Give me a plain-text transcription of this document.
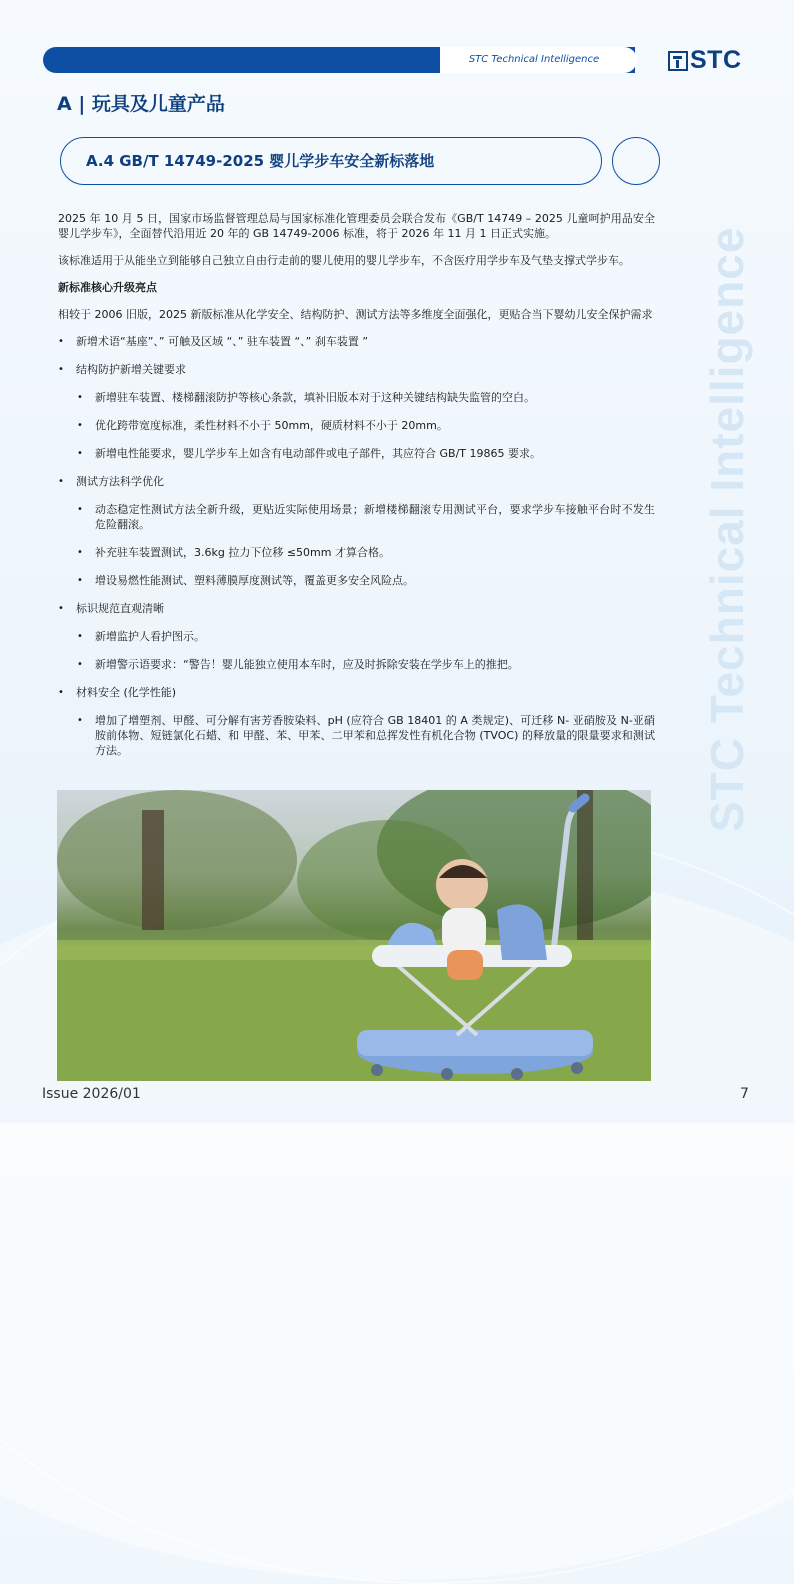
STC Technical Intelligence	STC
A | 玩具及儿童产品
A.4 GB/T 14749-2025 婴儿学步车安全新标落地
STC Technical Intelligence

2025 年 10 月 5 日，国家市场监督管理总局与国家标准化管理委员会联合发布《GB/T 14749 – 2025 儿童呵护用品安全 婴儿学步车》，全面替代沿用近 20 年的 GB 14749-2006 标准，将于 2026 年 11 月 1 日正式实施。

该标准适用于从能坐立到能够自己独立自由行走前的婴儿使用的婴儿学步车，不含医疗用学步车及气垫支撑式学步车。

新标准核心升级亮点

相较于 2006 旧版，2025 新版标准从化学安全、结构防护、测试方法等多维度全面强化，更贴合当下婴幼儿安全保护需求

• 新增术语“基座”、” 可触及区域 “、” 驻车装置 “、” 刹车装置 ”
• 结构防护新增关键要求
• 新增驻车装置、楼梯翻滚防护等核心条款，填补旧版本对于这种关键结构缺失监管的空白。
• 优化跨带宽度标准，柔性材料不小于 50mm，硬质材料不小于 20mm。
• 新增电性能要求，婴儿学步车上如含有电动部件或电子部件，其应符合 GB/T 19865 要求。
• 测试方法科学优化
• 动态稳定性测试方法全新升级，更贴近实际使用场景；新增楼梯翻滚专用测试平台，要求学步车接触平台时不发生危险翻滚。
• 补充驻车装置测试，3.6kg 拉力下位移 ≤50mm 才算合格。
• 增设易燃性能测试、塑料薄膜厚度测试等，覆盖更多安全风险点。
• 标识规范直观清晰
• 新增监护人看护图示。
• 新增警示语要求：“警告！婴儿能独立使用本车时，应及时拆除安装在学步车上的推把。
• 材料安全 (化学性能)
• 增加了增塑剂、甲醛、可分解有害芳香胺染料、pH (应符合 GB 18401 的 A 类规定)、可迁移 N- 亚硝胺及 N-亚硝胺前体物、短链氯化石蜡、和 甲醛、苯、甲苯、二甲苯和总挥发性有机化合物 (TVOC) 的释放量的限量要求和测试方法。
Issue 2026/01	7
